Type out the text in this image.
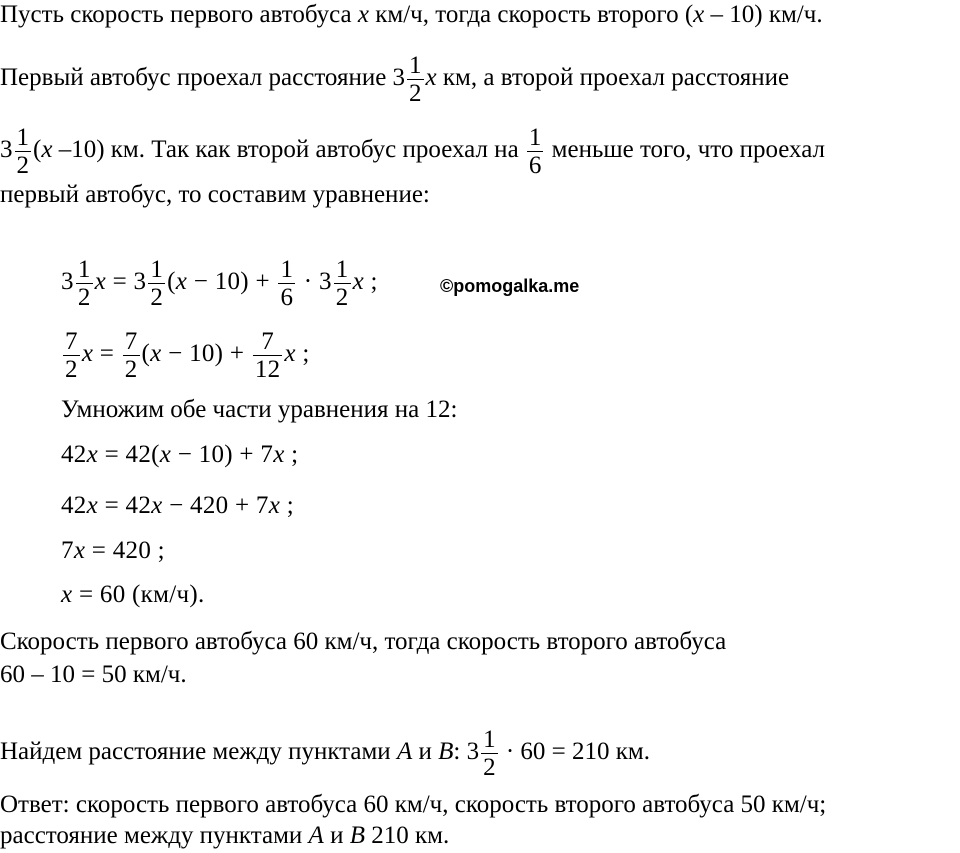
Пусть скорость первого автобуса x км/ч, тогда скорость второго (x – 10) км/ч.
Первый автобус проехал расстояние $3 \frac{1}{2}$ x км, а второй проехал расстояние
$3 \frac{1}{2} (x$ –10) км. Так как второй автобус проехал на $\frac{1}{6}$ меньше того, что проехал
первый автобус, то составим уравнение:
$3 \frac{1}{2}$ $x = 3 \frac{1}{2} (x - 10) + \frac{1}{6} \cdot 3 \frac{1}{2}$ x ;	©pomogalka.me
$\frac{7}{2}$ $x = \frac{7}{2} (x - 10) + \frac{7}{12}$ x ;
Умножим обе части уравнения на 12:
42x = 42(x − 10) + 7x ;
42x = 42x − 420 + 7x ;
7x = 420 ;
x = 60 (км/ч).
Скорость первого автобуса 60 км/ч, тогда скорость второго автобуса
60 – 10 = 50 км/ч.
Найдем расстояние между пунктами A и B: $3 \frac{1}{2} \cdot 60 = 210$ км.
Ответ: скорость первого автобуса 60 км/ч, скорость второго автобуса 50 км/ч;
расстояние между пунктами A и B 210 км.
